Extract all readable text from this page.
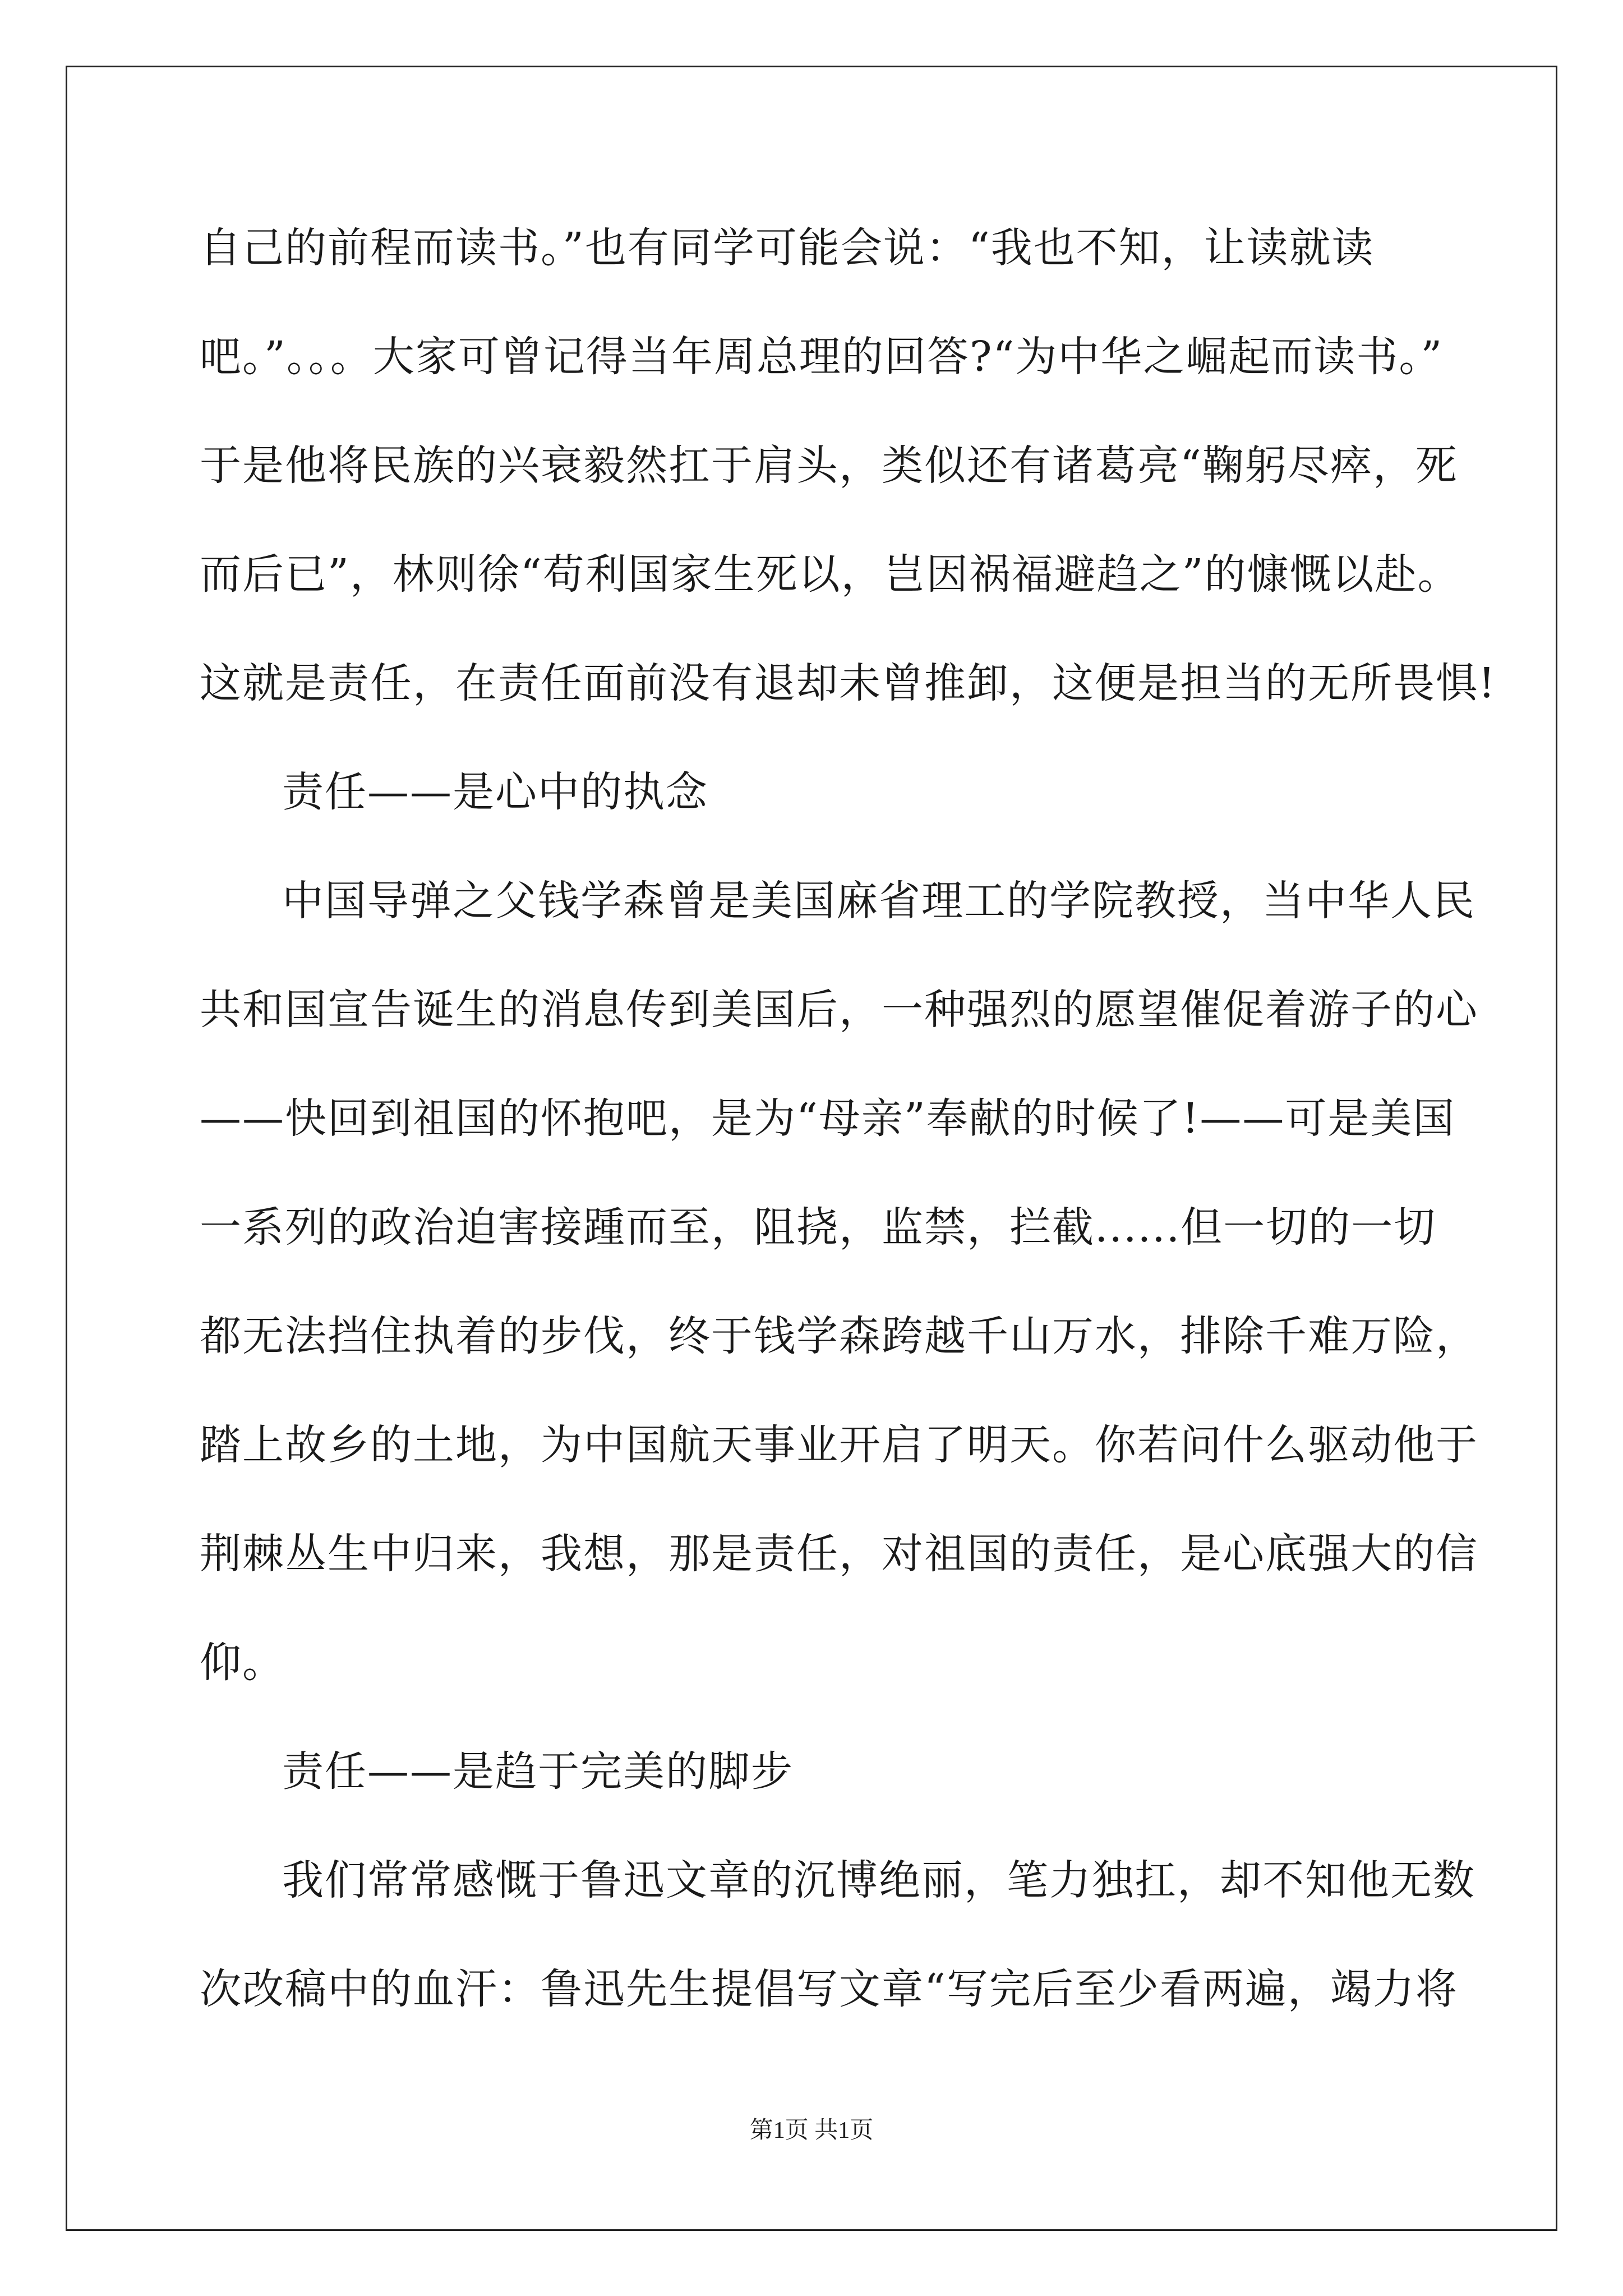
自己的前程而读书。”也有同学可能会说：“我也不知，让读就读
吧。”。。。大家可曾记得当年周总理的回答?“为中华之崛起而读书。”
于是他将民族的兴衰毅然扛于肩头，类似还有诸葛亮“鞠躬尽瘁，死
而后已”，林则徐“苟利国家生死以，岂因祸福避趋之”的慷慨以赴。
这就是责任，在责任面前没有退却未曾推卸，这便是担当的无所畏惧!
责任——是心中的执念
中国导弹之父钱学森曾是美国麻省理工的学院教授，当中华人民
共和国宣告诞生的消息传到美国后，一种强烈的愿望催促着游子的心
——快回到祖国的怀抱吧，是为“母亲”奉献的时候了!——可是美国
一系列的政治迫害接踵而至，阻挠，监禁，拦截......但一切的一切
都无法挡住执着的步伐，终于钱学森跨越千山万水，排除千难万险，
踏上故乡的土地，为中国航天事业开启了明天。你若问什么驱动他于
荆棘丛生中归来，我想，那是责任，对祖国的责任，是心底强大的信
仰。
责任——是趋于完美的脚步
我们常常感慨于鲁迅文章的沉博绝丽，笔力独扛，却不知他无数
次改稿中的血汗：鲁迅先生提倡写文章“写完后至少看两遍，竭力将
第1页 共1页
